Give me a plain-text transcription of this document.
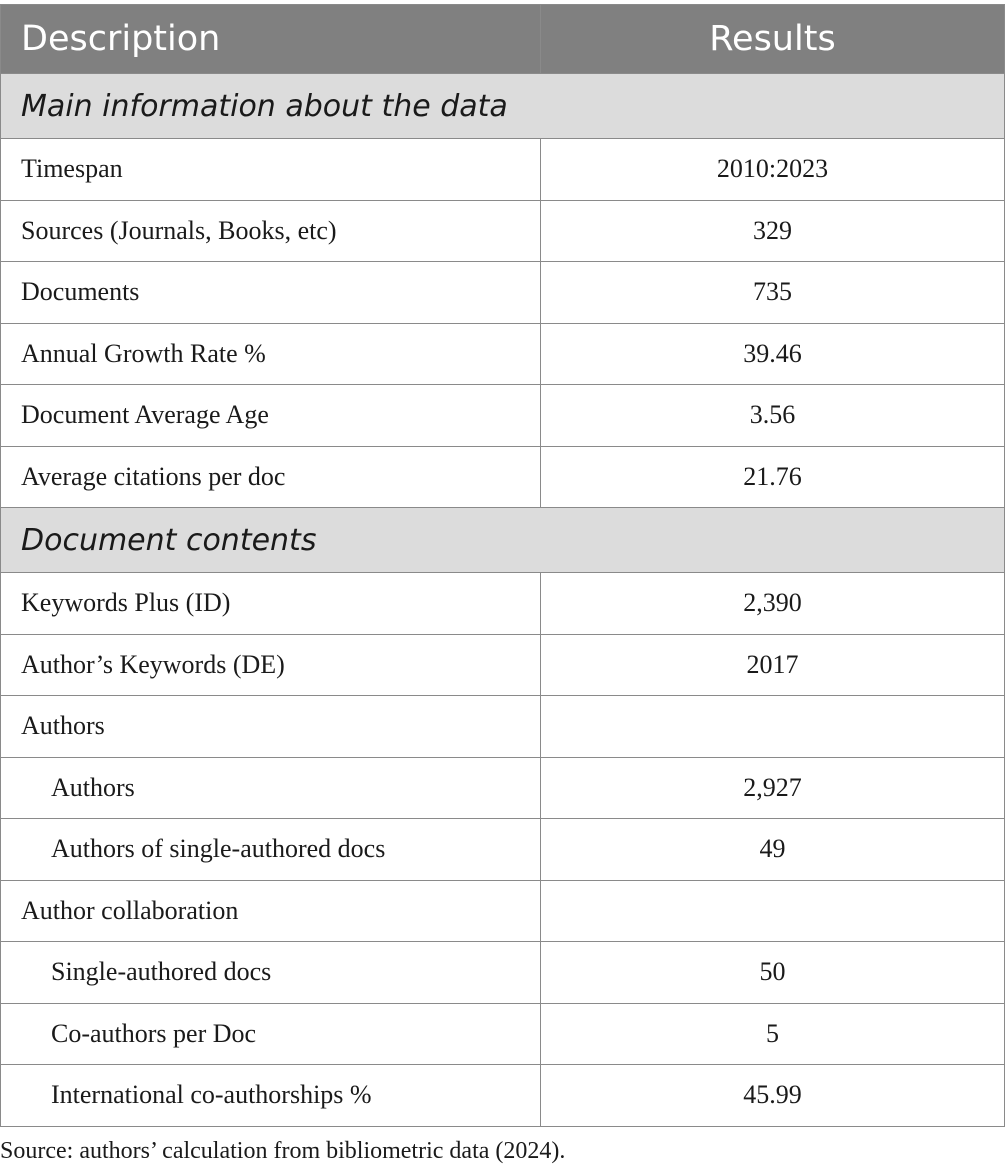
Description	Results
Main information about the data	
Timespan	2010:2023
Sources (Journals, Books, etc)	329
Documents	735
Annual Growth Rate %	39.46
Document Average Age	3.56
Average citations per doc	21.76
Document contents	
Keywords Plus (ID)	2,390
Author’s Keywords (DE)	2017
Authors	
Authors	2,927
Authors of single-authored docs	49
Author collaboration	
Single-authored docs	50
Co-authors per Doc	5
International co-authorships %	45.99
Source: authors’ calculation from bibliometric data (2024).
